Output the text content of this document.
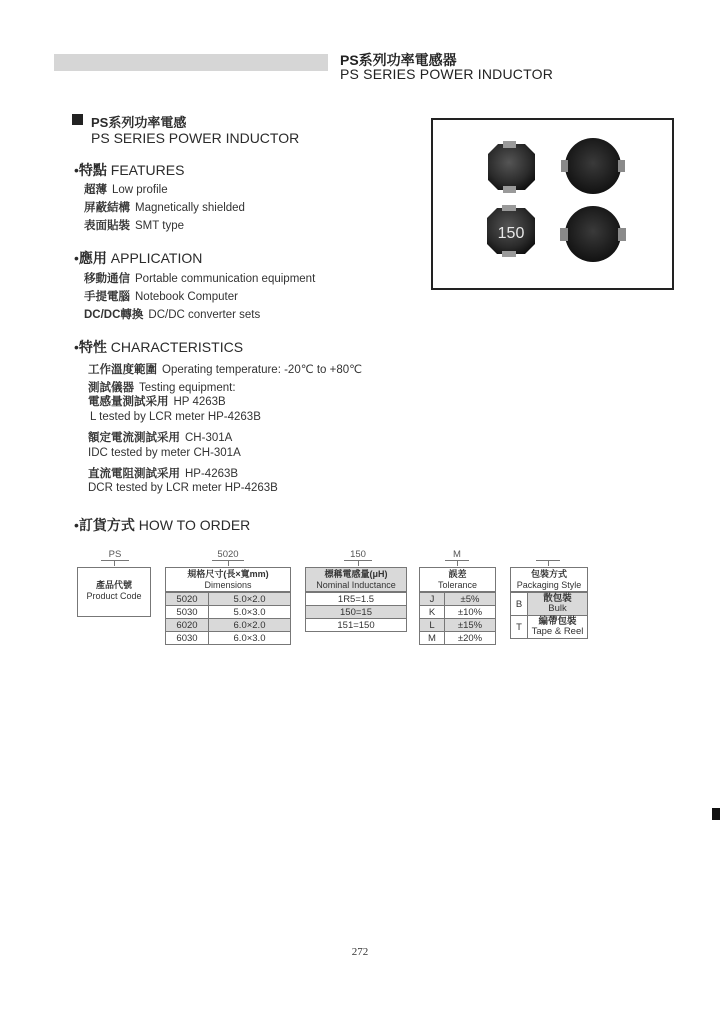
PS系列功率電感器
PS SERIES POWER INDUCTOR
PS系列功率電感
PS SERIES POWER INDUCTOR
150
•特點 FEATURES
超薄 Low profile
屏蔽結構 Magnetically shielded
表面貼裝 SMT type
•應用 APPLICATION
移動通信 Portable communication equipment
手提電腦 Notebook Computer
DC/DC轉換 DC/DC converter sets
•特性 CHARACTERISTICS
工作溫度範圍 Operating temperature: -20℃ to +80℃
測試儀器 Testing equipment:
電感量測試采用 HP 4263B
L tested by LCR meter HP-4263B
額定電流測試采用 CH-301A
IDC tested by meter CH-301A
直流電阻測試采用 HP-4263B
DCR tested by LCR meter HP-4263B
•訂貨方式 HOW TO ORDER
PS	5020	150	M
產品代號
Product Code
規格尺寸(長×寬mm)
Dimensions
5020	5.0×2.0
5030	5.0×3.0
6020	6.0×2.0
6030	6.0×3.0
標稱電感量(μH)
Nominal Inductance
1R5=1.5
150=15
151=150
誤差
Tolerance
J	±5%
K	±10%
L	±15%
M	±20%
包裝方式
Packaging Style
B	散包裝
Bulk

T	編帶包裝
Tape & Reel
272
